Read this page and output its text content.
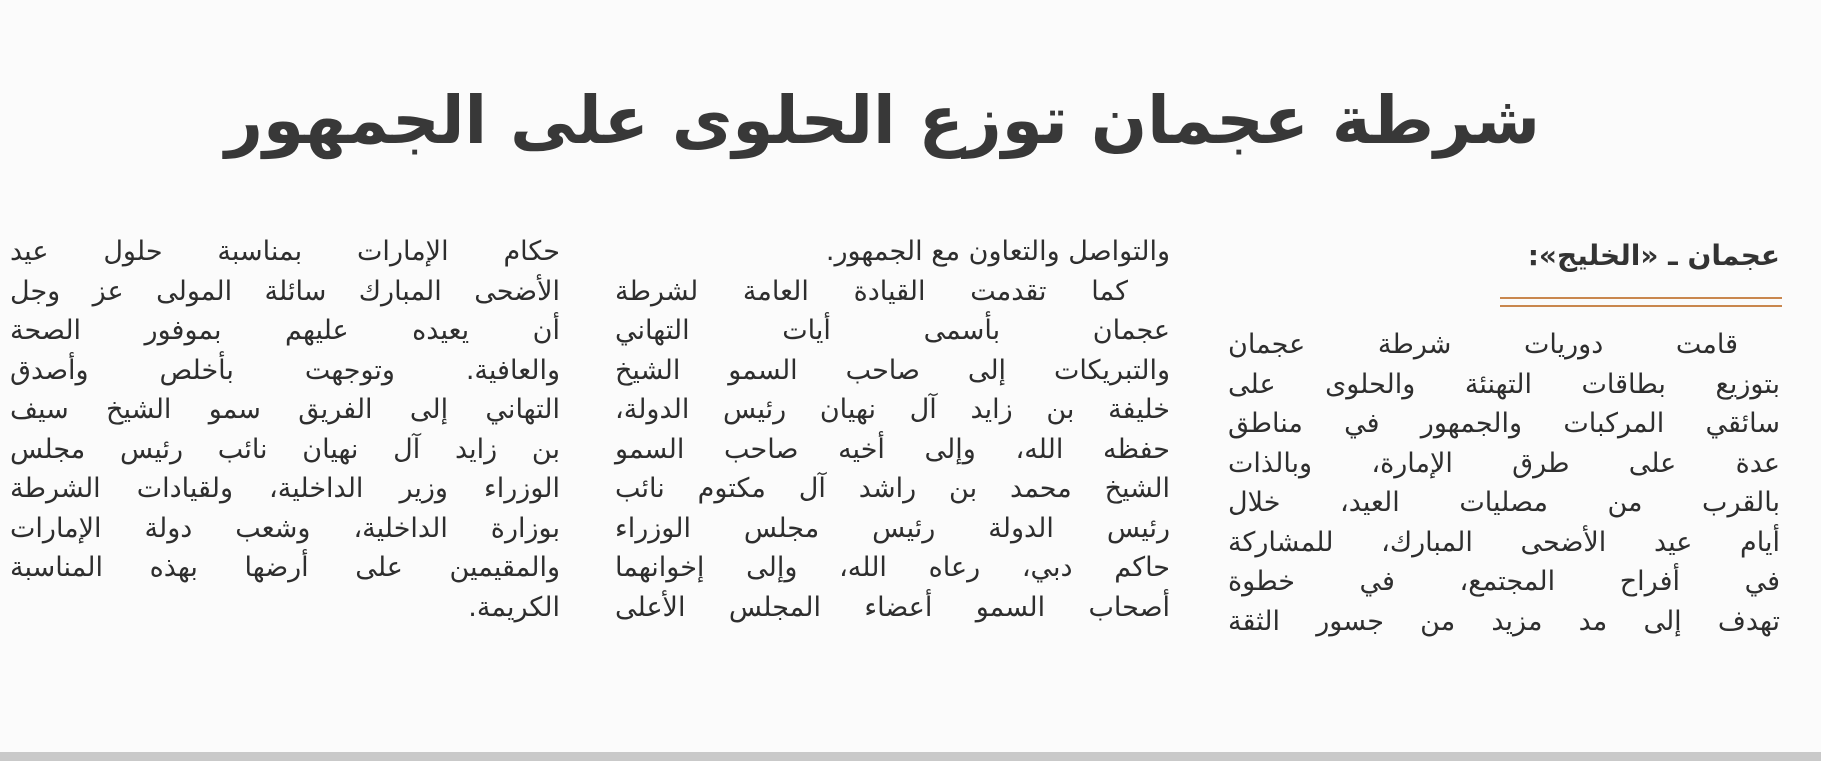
شرطة عجمان توزع الحلوى على الجمهور
عجمان ـ «الخليج»:

قامت دوريات شرطة عجمان

بتوزيع بطاقات التهنئة والحلوى على

سائقي المركبات والجمهور في مناطق

عدة على طرق الإمارة، وبالذات

بالقرب من مصليات العيد، خلال

أيام عيد الأضحى المبارك، للمشاركة

في أفراح المجتمع، في خطوة

تهدف إلى مد مزيد من جسور الثقة

والتواصل والتعاون مع الجمهور.

كما تقدمت القيادة العامة لشرطة

عجمان بأسمى أيات التهاني

والتبريكات إلى صاحب السمو الشيخ

خليفة بن زايد آل نهيان رئيس الدولة،

حفظه الله، وإلى أخيه صاحب السمو

الشيخ محمد بن راشد آل مكتوم نائب

رئيس الدولة رئيس مجلس الوزراء

حاكم دبي، رعاه الله، وإلى إخوانهما

أصحاب السمو أعضاء المجلس الأعلى

حكام الإمارات بمناسبة حلول عيد

الأضحى المبارك سائلة المولى عز وجل

أن يعيده عليهم بموفور الصحة

والعافية. وتوجهت بأخلص وأصدق

التهاني إلى الفريق سمو الشيخ سيف

بن زايد آل نهيان نائب رئيس مجلس

الوزراء وزير الداخلية، ولقيادات الشرطة

بوزارة الداخلية، وشعب دولة الإمارات

والمقيمين على أرضها بهذه المناسبة

الكريمة.
